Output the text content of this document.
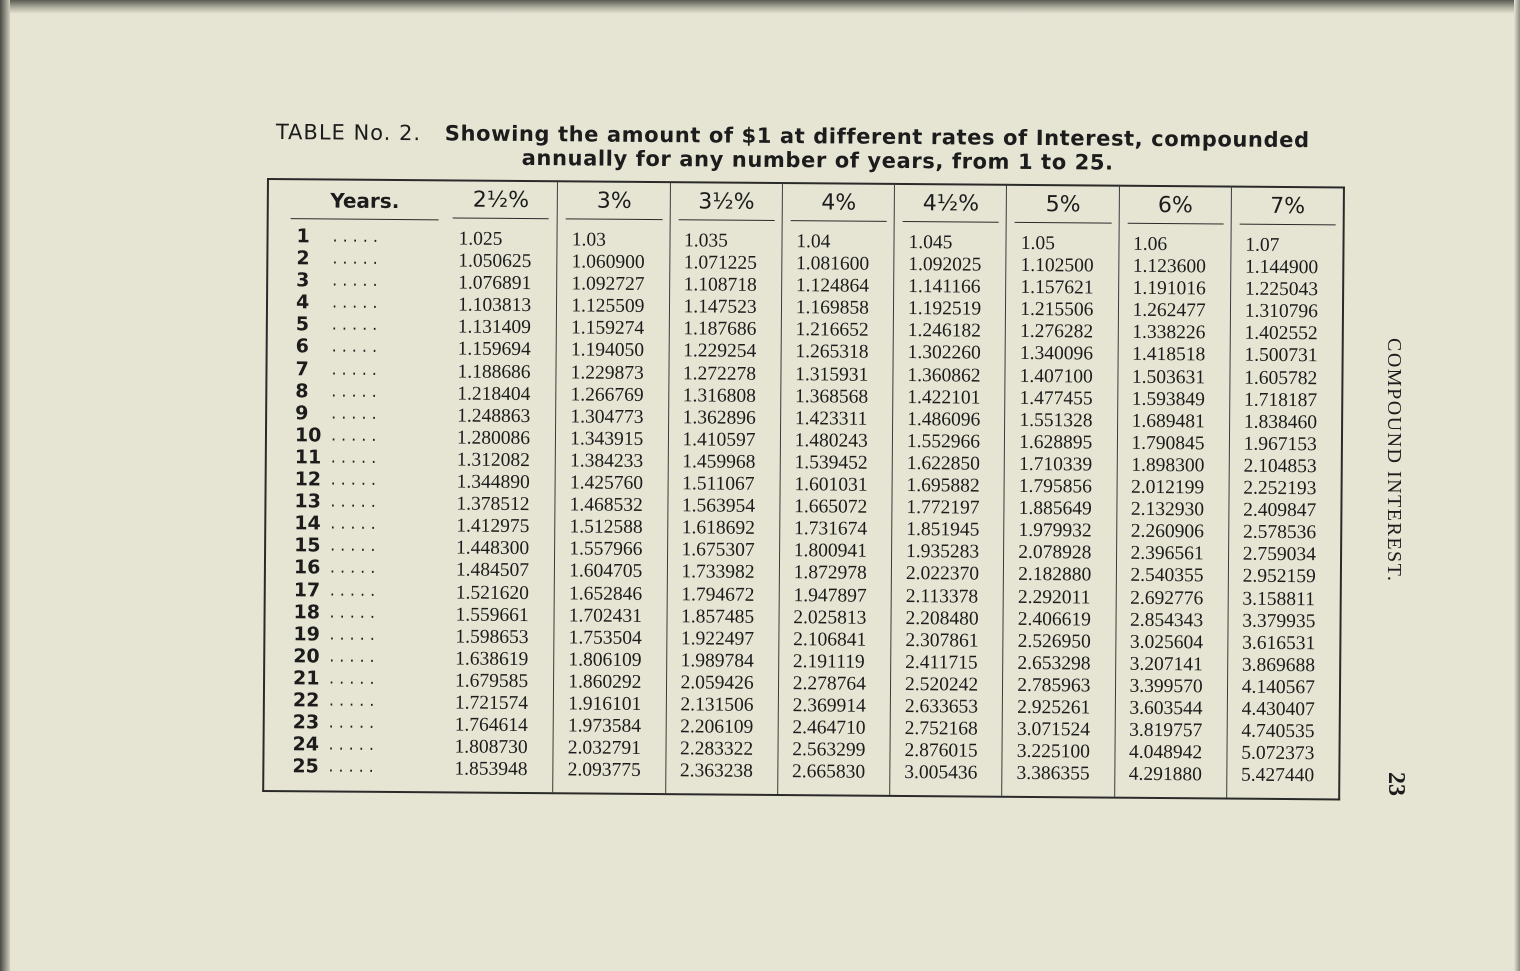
TABLE No. 2. Showing the amount of $1 at different rates of Interest, compounded
annually for any number of years, from 1 to 25.
Years.
1 .....
2 .....
3 .....
4 .....
5 .....
6 .....
7 .....
8 .....
9 .....
10 .....
11 .....
12 .....
13 .....
14 .....
15 .....
16 .....
17 .....
18 .....
19 .....
20 .....
21 .....
22 .....
23 .....
24 .....
25 .....
2½%
1.025
1.050625
1.076891
1.103813
1.131409
1.159694
1.188686
1.218404
1.248863
1.280086
1.312082
1.344890
1.378512
1.412975
1.448300
1.484507
1.521620
1.559661
1.598653
1.638619
1.679585
1.721574
1.764614
1.808730
1.853948
3%
1.03
1.060900
1.092727
1.125509
1.159274
1.194050
1.229873
1.266769
1.304773
1.343915
1.384233
1.425760
1.468532
1.512588
1.557966
1.604705
1.652846
1.702431
1.753504
1.806109
1.860292
1.916101
1.973584
2.032791
2.093775
3½%
1.035
1.071225
1.108718
1.147523
1.187686
1.229254
1.272278
1.316808
1.362896
1.410597
1.459968
1.511067
1.563954
1.618692
1.675307
1.733982
1.794672
1.857485
1.922497
1.989784
2.059426
2.131506
2.206109
2.283322
2.363238
4%
1.04
1.081600
1.124864
1.169858
1.216652
1.265318
1.315931
1.368568
1.423311
1.480243
1.539452
1.601031
1.665072
1.731674
1.800941
1.872978
1.947897
2.025813
2.106841
2.191119
2.278764
2.369914
2.464710
2.563299
2.665830
4½%
1.045
1.092025
1.141166
1.192519
1.246182
1.302260
1.360862
1.422101
1.486096
1.552966
1.622850
1.695882
1.772197
1.851945
1.935283
2.022370
2.113378
2.208480
2.307861
2.411715
2.520242
2.633653
2.752168
2.876015
3.005436
5%
1.05
1.102500
1.157621
1.215506
1.276282
1.340096
1.407100
1.477455
1.551328
1.628895
1.710339
1.795856
1.885649
1.979932
2.078928
2.182880
2.292011
2.406619
2.526950
2.653298
2.785963
2.925261
3.071524
3.225100
3.386355
6%
1.06
1.123600
1.191016
1.262477
1.338226
1.418518
1.503631
1.593849
1.689481
1.790845
1.898300
2.012199
2.132930
2.260906
2.396561
2.540355
2.692776
2.854343
3.025604
3.207141
3.399570
3.603544
3.819757
4.048942
4.291880
7%
1.07
1.144900
1.225043
1.310796
1.402552
1.500731
1.605782
1.718187
1.838460
1.967153
2.104853
2.252193
2.409847
2.578536
2.759034
2.952159
3.158811
3.379935
3.616531
3.869688
4.140567
4.430407
4.740535
5.072373
5.427440
COMPOUND INTEREST.
23
